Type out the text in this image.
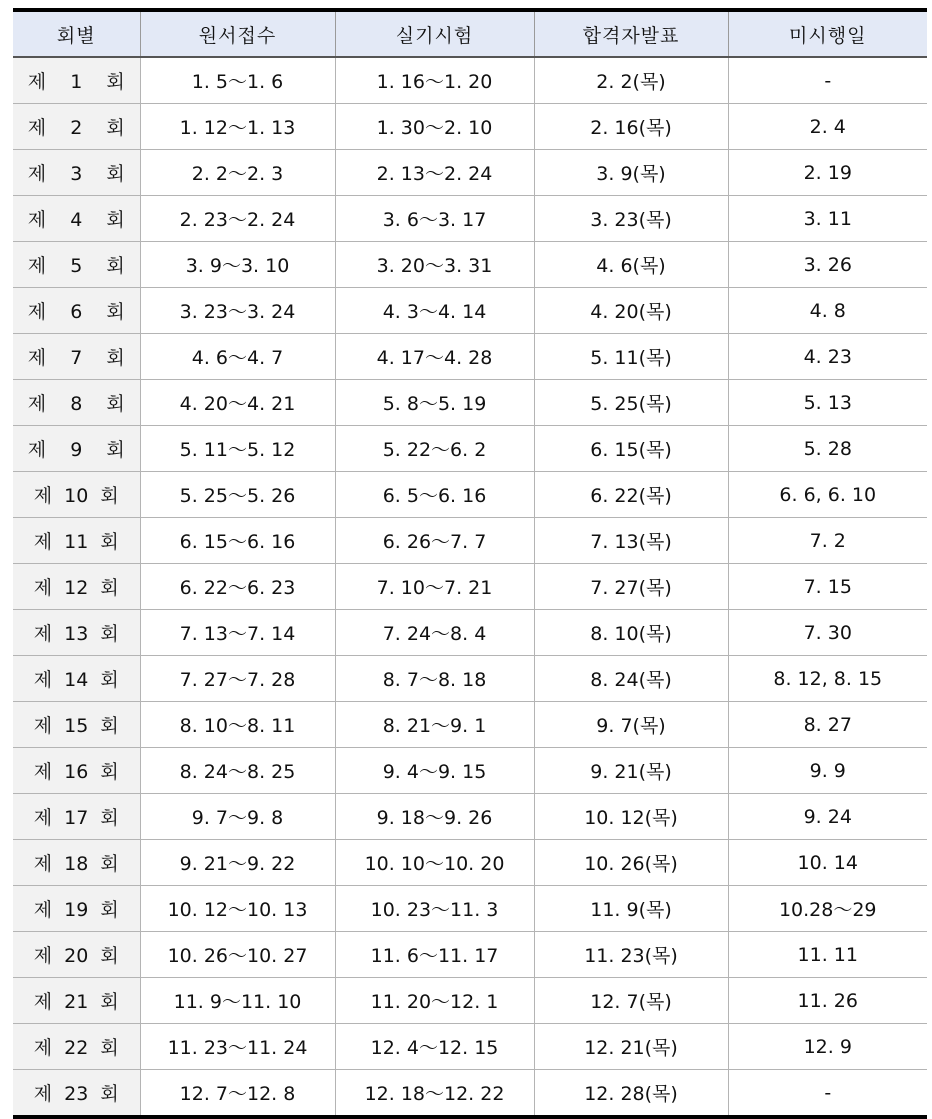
회별	원서접수	실기시험	합격자발표	미시행일
제  1  회	1. 5～1. 6	1. 16～1. 20	2. 2(목)	-
제  2  회	1. 12～1. 13	1. 30～2. 10	2. 16(목)	2. 4
제  3  회	2. 2～2. 3	2. 13～2. 24	3. 9(목)	2. 19
제  4  회	2. 23～2. 24	3. 6～3. 17	3. 23(목)	3. 11
제  5  회	3. 9～3. 10	3. 20～3. 31	4. 6(목)	3. 26
제  6  회	3. 23～3. 24	4. 3～4. 14	4. 20(목)	4. 8
제  7  회	4. 6～4. 7	4. 17～4. 28	5. 11(목)	4. 23
제  8  회	4. 20～4. 21	5. 8～5. 19	5. 25(목)	5. 13
제  9  회	5. 11～5. 12	5. 22～6. 2	6. 15(목)	5. 28
제 10 회	5. 25～5. 26	6. 5～6. 16	6. 22(목)	6. 6, 6. 10
제 11 회	6. 15～6. 16	6. 26～7. 7	7. 13(목)	7. 2
제 12 회	6. 22～6. 23	7. 10～7. 21	7. 27(목)	7. 15
제 13 회	7. 13～7. 14	7. 24～8. 4	8. 10(목)	7. 30
제 14 회	7. 27～7. 28	8. 7～8. 18	8. 24(목)	8. 12, 8. 15
제 15 회	8. 10～8. 11	8. 21～9. 1	9. 7(목)	8. 27
제 16 회	8. 24～8. 25	9. 4～9. 15	9. 21(목)	9. 9
제 17 회	9. 7～9. 8	9. 18～9. 26	10. 12(목)	9. 24
제 18 회	9. 21～9. 22	10. 10～10. 20	10. 26(목)	10. 14
제 19 회	10. 12～10. 13	10. 23～11. 3	11. 9(목)	10.28～29
제 20 회	10. 26～10. 27	11. 6～11. 17	11. 23(목)	11. 11
제 21 회	11. 9～11. 10	11. 20～12. 1	12. 7(목)	11. 26
제 22 회	11. 23～11. 24	12. 4～12. 15	12. 21(목)	12. 9
제 23 회	12. 7～12. 8	12. 18～12. 22	12. 28(목)	-
